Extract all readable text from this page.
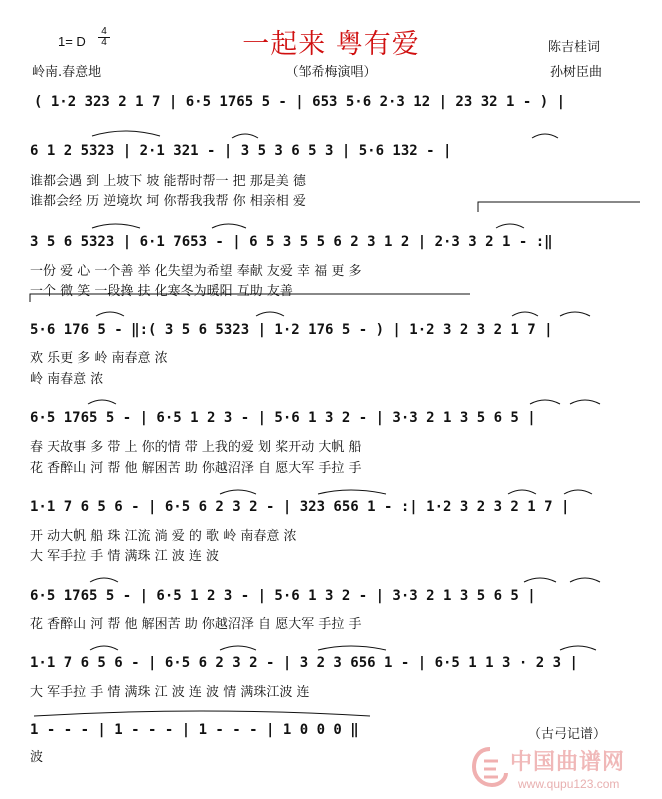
一起来 粤有爱
1= D
4
4
岭南.春意地	（邹希梅演唱）
陈吉桂词
孙树臣曲
( 1·2 323 2 1 7 | 6·5 1765 5 - | 653 5·6 2·3 12 | 23 32 1 - ) |
6 1 2 5323 | 2·1 321 - | 3 5 3 6 5 3 | 5·6 132 - |
谁都会遇 到 上坡下 坡 能帮时帮一 把 那是美 德
谁都会经 历 逆境坎 坷 你帮我我帮 你 相亲相 爱
3 5 6 5323 | 6·1 7653 - | 6 5 3 5 5 6 2 3 1 2 | 2·3 3 2 1 - :‖
一份 爱 心 一个善 举 化失望为希望 奉献 友爱 幸 福 更 多
一个 微 笑 一段搀 扶 化寒冬为暖阳 互助 友善
5·6 176 5 - ‖:( 3 5 6 5323 | 1·2 176 5 - ) | 1·2 3 2 3 2 1 7 |
欢 乐更 多 岭 南春意 浓
岭 南春意 浓
6·5 1765 5 - | 6·5 1 2 3 - | 5·6 1 3 2 - | 3·3 2 1 3 5 6 5 |
春 天故事 多 带 上 你的情 带 上我的爱 划 桨开动 大帆 船
花 香醉山 河 帮 他 解困苦 助 你越沼泽 自 愿大军 手拉 手
1·1 7 6 5 6 - | 6·5 6 2 3 2 - | 323 656 1 - :| 1·2 3 2 3 2 1 7 |
开 动大帆 船 珠 江流 淌 爱 的 歌 岭 南春意 浓
大 军手拉 手 情 满珠 江 波 连 波
6·5 1765 5 - | 6·5 1 2 3 - | 5·6 1 3 2 - | 3·3 2 1 3 5 6 5 |
花 香醉山 河 帮 他 解困苦 助 你越沼泽 自 愿大军 手拉 手
1·1 7 6 5 6 - | 6·5 6 2 3 2 - | 3 2 3 656 1 - | 6·5 1 1 3 · 2 3 |
大 军手拉 手 情 满珠 江 波 连 波 情 满珠江波 连
1 - - - | 1 - - - | 1 - - - | 1 0 0 0 ‖
波
（古弓记谱）
中国曲谱网
www.qupu123.com
